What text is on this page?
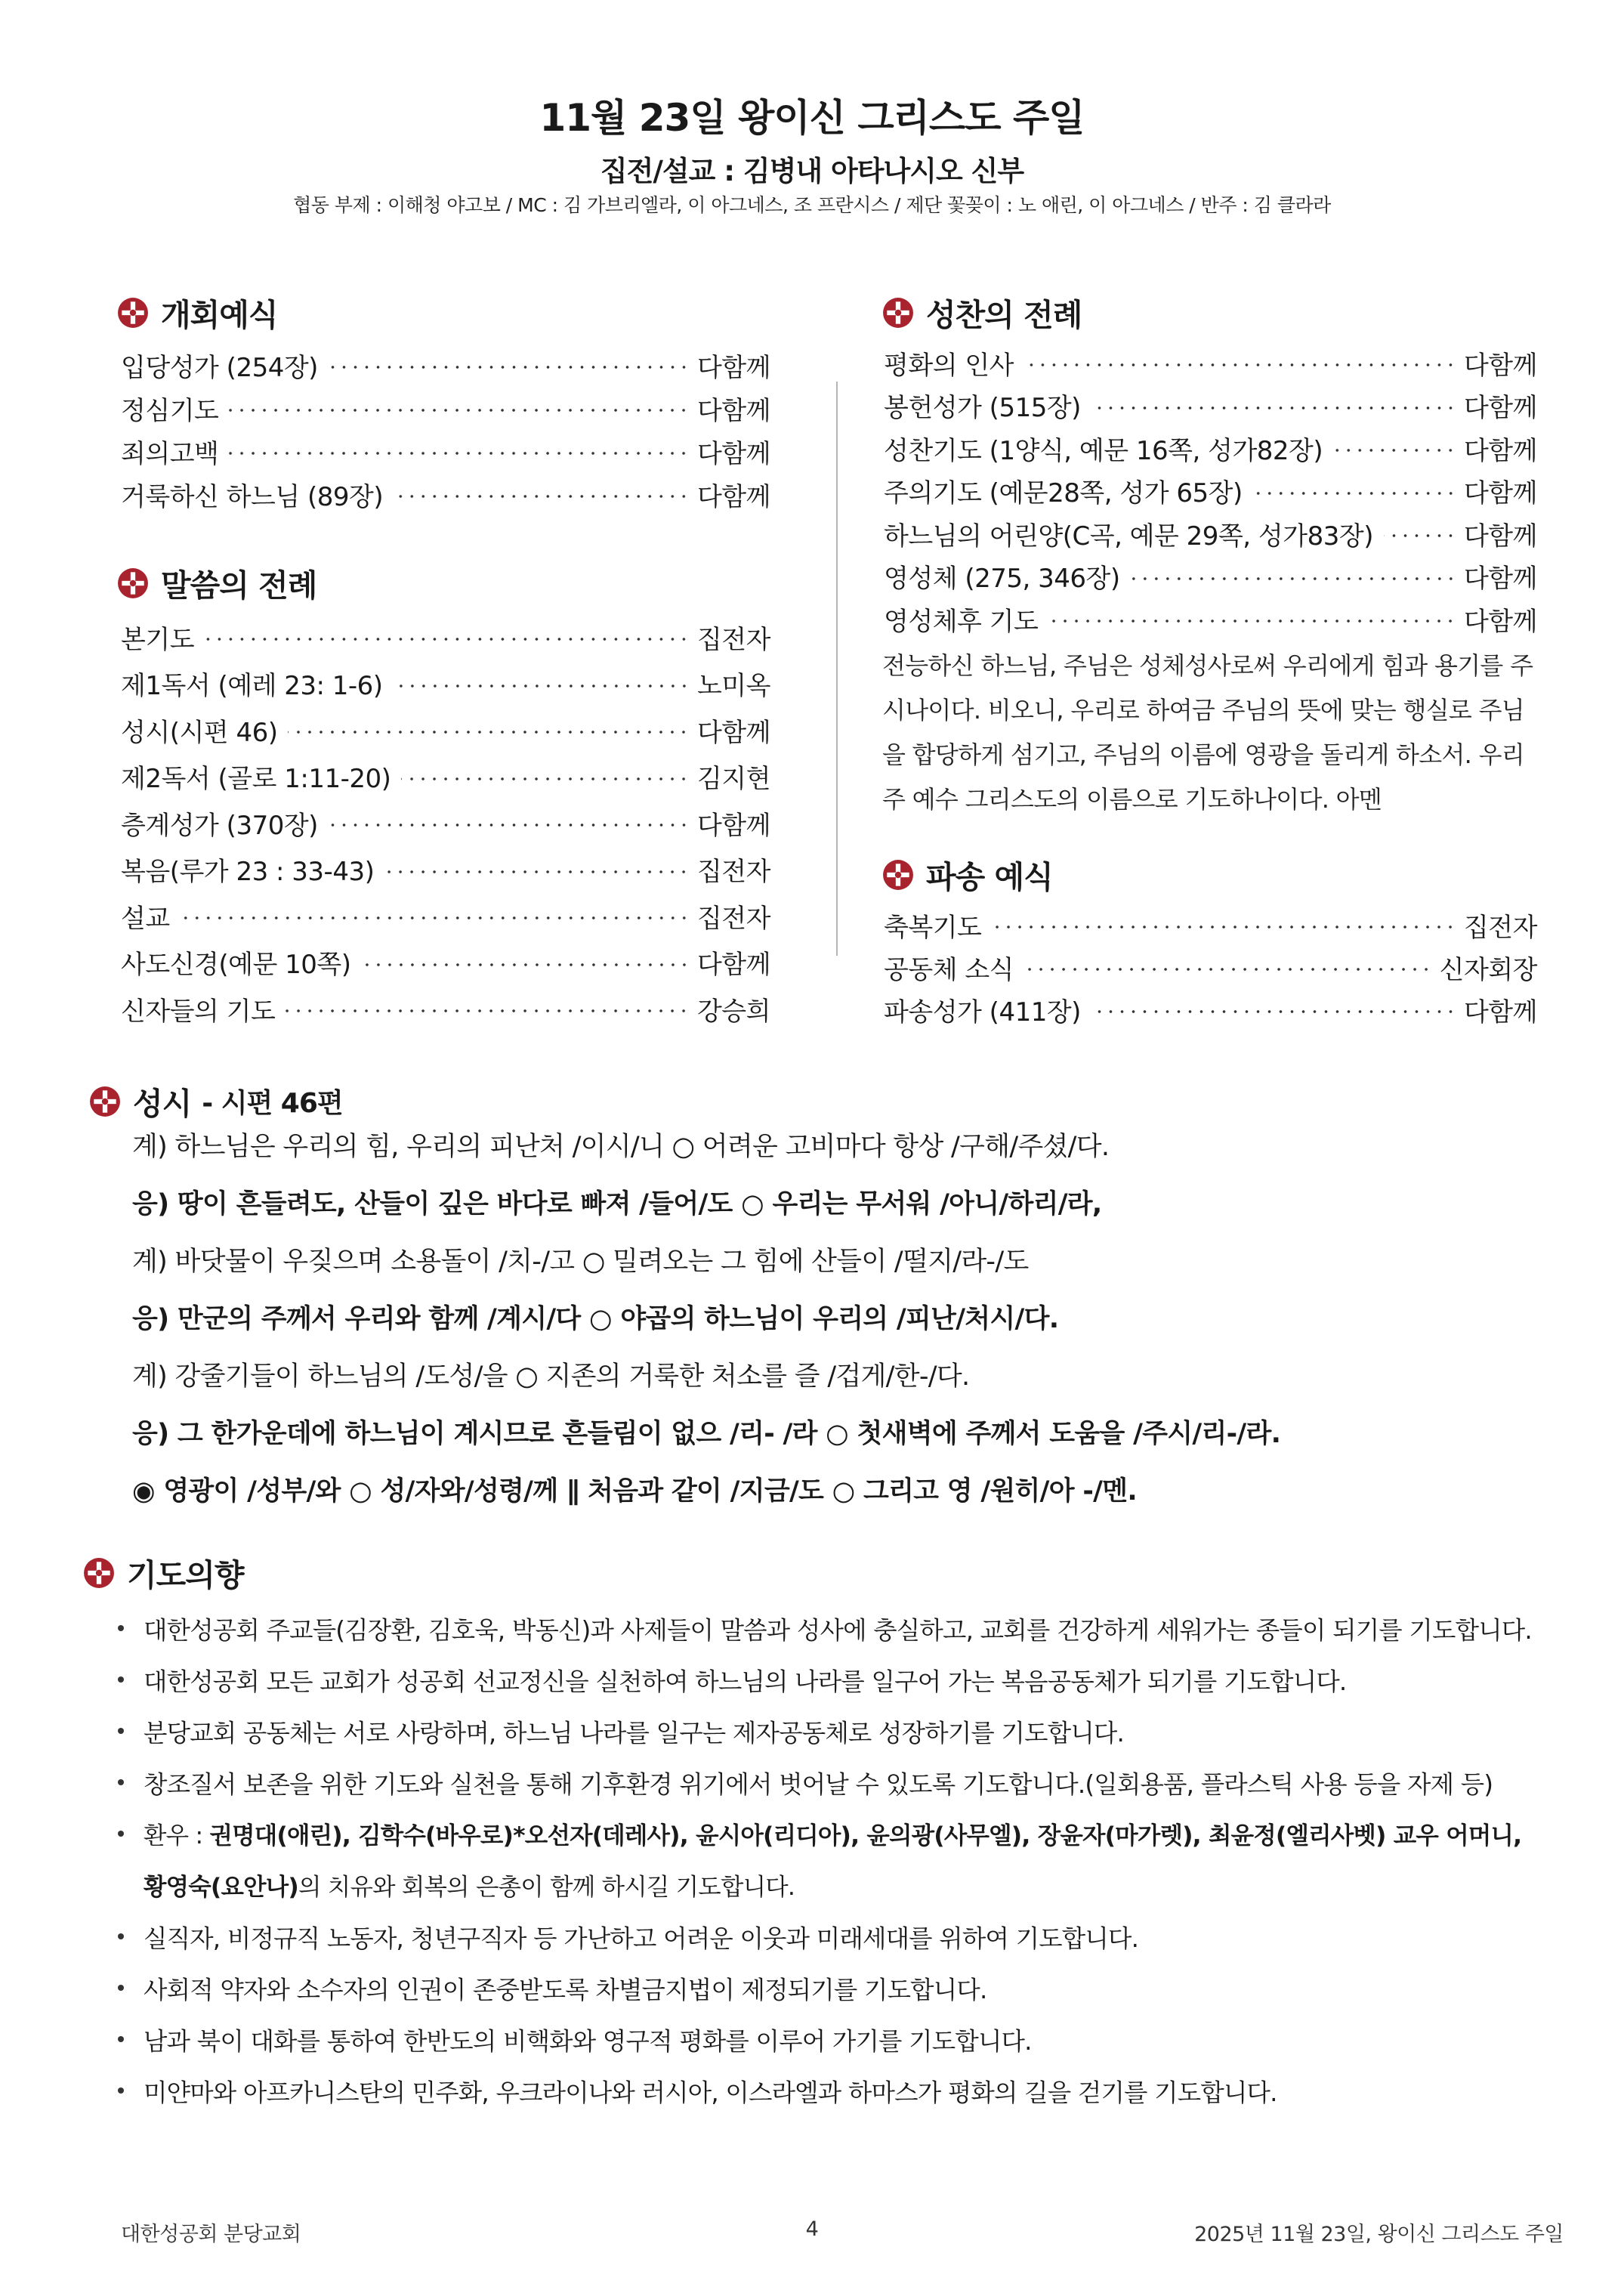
11월 23일 왕이신 그리스도 주일
집전/설교 : 김병내 아타나시오 신부
협동 부제 : 이해청 야고보 / MC : 김 가브리엘라, 이 아그네스, 조 프란시스 / 제단 꽃꽂이 : 노 애린, 이 아그네스 / 반주 : 김 클라라
개회예식
입당성가 (254장)	다함께
정심기도	다함께
죄의고백	다함께
거룩하신 하느님 (89장)	다함께
말씀의 전례
본기도	집전자
제1독서 (예레 23: 1-6)	노미옥
성시(시편 46)	다함께
제2독서 (골로 1:11-20)	김지현
층계성가 (370장)	다함께
복음(루가 23 : 33-43)	집전자
설교	집전자
사도신경(예문 10쪽)	다함께
신자들의 기도	강승희
성찬의 전례
평화의 인사	다함께
봉헌성가 (515장)	다함께
성찬기도 (1양식, 예문 16쪽, 성가82장)	다함께
주의기도 (예문28쪽, 성가 65장)	다함께
하느님의 어린양(C곡, 예문 29쪽, 성가83장)	다함께
영성체 (275, 346장)	다함께
영성체후 기도	다함께
전능하신 하느님, 주님은 성체성사로써 우리에게 힘과 용기를 주시나이다. 비오니, 우리로 하여금 주님의 뜻에 맞는 행실로 주님을 합당하게 섬기고, 주님의 이름에 영광을 돌리게 하소서. 우리 주 예수 그리스도의 이름으로 기도하나이다. 아멘
파송 예식
축복기도	집전자
공동체 소식	신자회장
파송성가 (411장)	다함께
성시 - 시편 46편
계) 하느님은 우리의 힘, 우리의 피난처 /이시/니 ○ 어려운 고비마다 항상 /구해/주셨/다.
응) 땅이 흔들려도, 산들이 깊은 바다로 빠져 /들어/도 ○ 우리는 무서워 /아니/하리/라,
계) 바닷물이 우짖으며 소용돌이 /치-/고 ○ 밀려오는 그 힘에 산들이 /떨지/라-/도
응) 만군의 주께서 우리와 함께 /계시/다 ○ 야곱의 하느님이 우리의 /피난/처시/다.
계) 강줄기들이 하느님의 /도성/을 ○ 지존의 거룩한 처소를 즐 /겁게/한-/다.
응) 그 한가운데에 하느님이 계시므로 흔들림이 없으 /리- /라 ○ 첫새벽에 주께서 도움을 /주시/리-/라.
◉ 영광이 /성부/와 ○ 성/자와/성령/께 ∥ 처음과 같이 /지금/도 ○ 그리고 영 /원히/아 -/멘.
기도의향
대한성공회 주교들(김장환, 김호욱, 박동신)과 사제들이 말씀과 성사에 충실하고, 교회를 건강하게 세워가는 종들이 되기를 기도합니다.
대한성공회 모든 교회가 성공회 선교정신을 실천하여 하느님의 나라를 일구어 가는 복음공동체가 되기를 기도합니다.
분당교회 공동체는 서로 사랑하며, 하느님 나라를 일구는 제자공동체로 성장하기를 기도합니다.
창조질서 보존을 위한 기도와 실천을 통해 기후환경 위기에서 벗어날 수 있도록 기도합니다.(일회용품, 플라스틱 사용 등을 자제 등)
환우 : 권명대(애린), 김학수(바우로)*오선자(데레사), 윤시아(리디아), 윤의광(사무엘), 장윤자(마가렛), 최윤정(엘리사벳) 교우 어머니,
황영숙(요안나)의 치유와 회복의 은총이 함께 하시길 기도합니다.
실직자, 비정규직 노동자, 청년구직자 등 가난하고 어려운 이웃과 미래세대를 위하여 기도합니다.
사회적 약자와 소수자의 인권이 존중받도록 차별금지법이 제정되기를 기도합니다.
남과 북이 대화를 통하여 한반도의 비핵화와 영구적 평화를 이루어 가기를 기도합니다.
미얀마와 아프카니스탄의 민주화, 우크라이나와 러시아, 이스라엘과 하마스가 평화의 길을 걷기를 기도합니다.
대한성공회 분당교회	4	2025년 11월 23일, 왕이신 그리스도 주일
